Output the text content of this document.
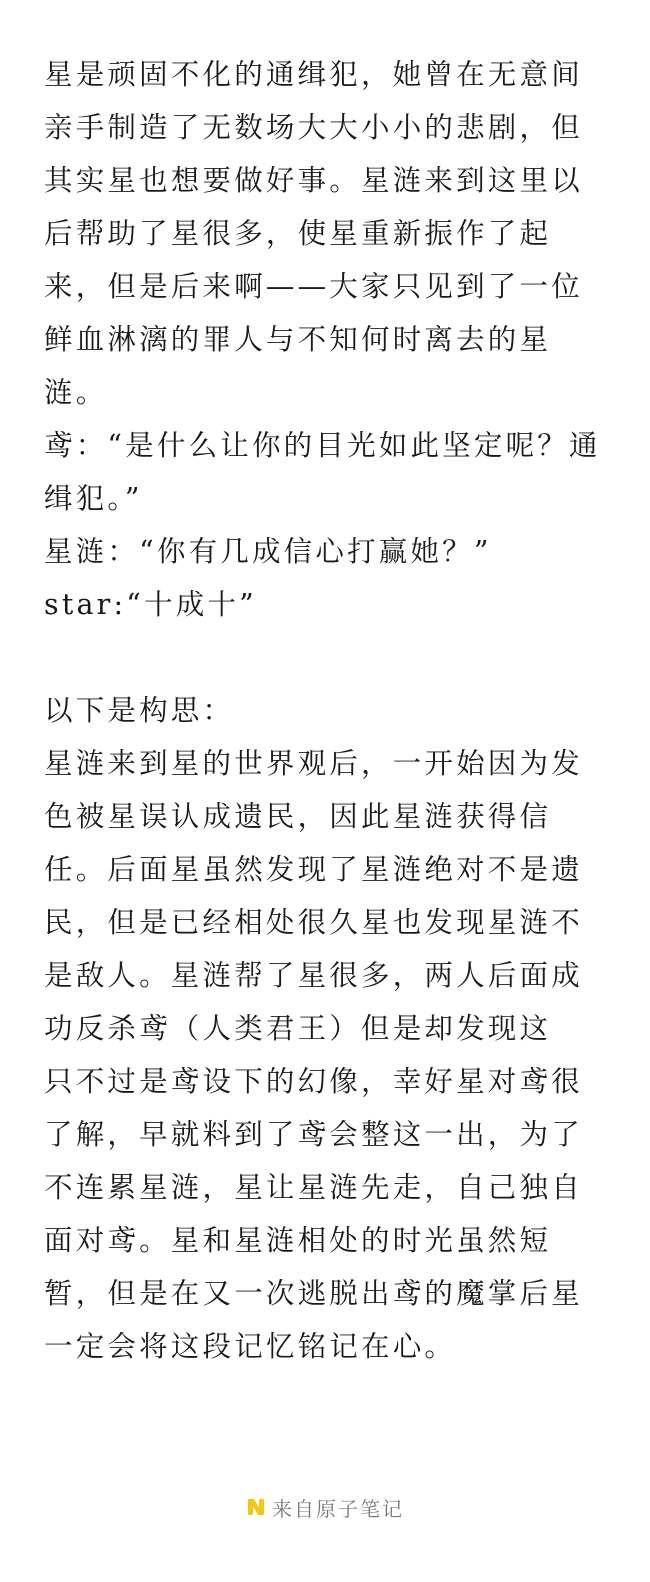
星是顽固不化的通缉犯，她曾在无意间
亲手制造了无数场大大小小的悲剧，但
其实星也想要做好事。星涟来到这里以
后帮助了星很多，使星重新振作了起
来，但是后来啊——大家只见到了一位
鲜血淋漓的罪人与不知何时离去的星
涟。
鸢：“是什么让你的目光如此坚定呢？通
缉犯。”
星涟：“你有几成信心打赢她？”
star:“十成十”
以下是构思：
星涟来到星的世界观后，一开始因为发
色被星误认成遗民，因此星涟获得信
任。后面星虽然发现了星涟绝对不是遗
民，但是已经相处很久星也发现星涟不
是敌人。星涟帮了星很多，两人后面成
功反杀鸢（人类君王）但是却发现这
只不过是鸢设下的幻像，幸好星对鸢很
了解，早就料到了鸢会整这一出，为了
不连累星涟，星让星涟先走，自己独自
面对鸢。星和星涟相处的时光虽然短
暂，但是在又一次逃脱出鸢的魔掌后星
一定会将这段记忆铭记在心。
来自原子笔记
